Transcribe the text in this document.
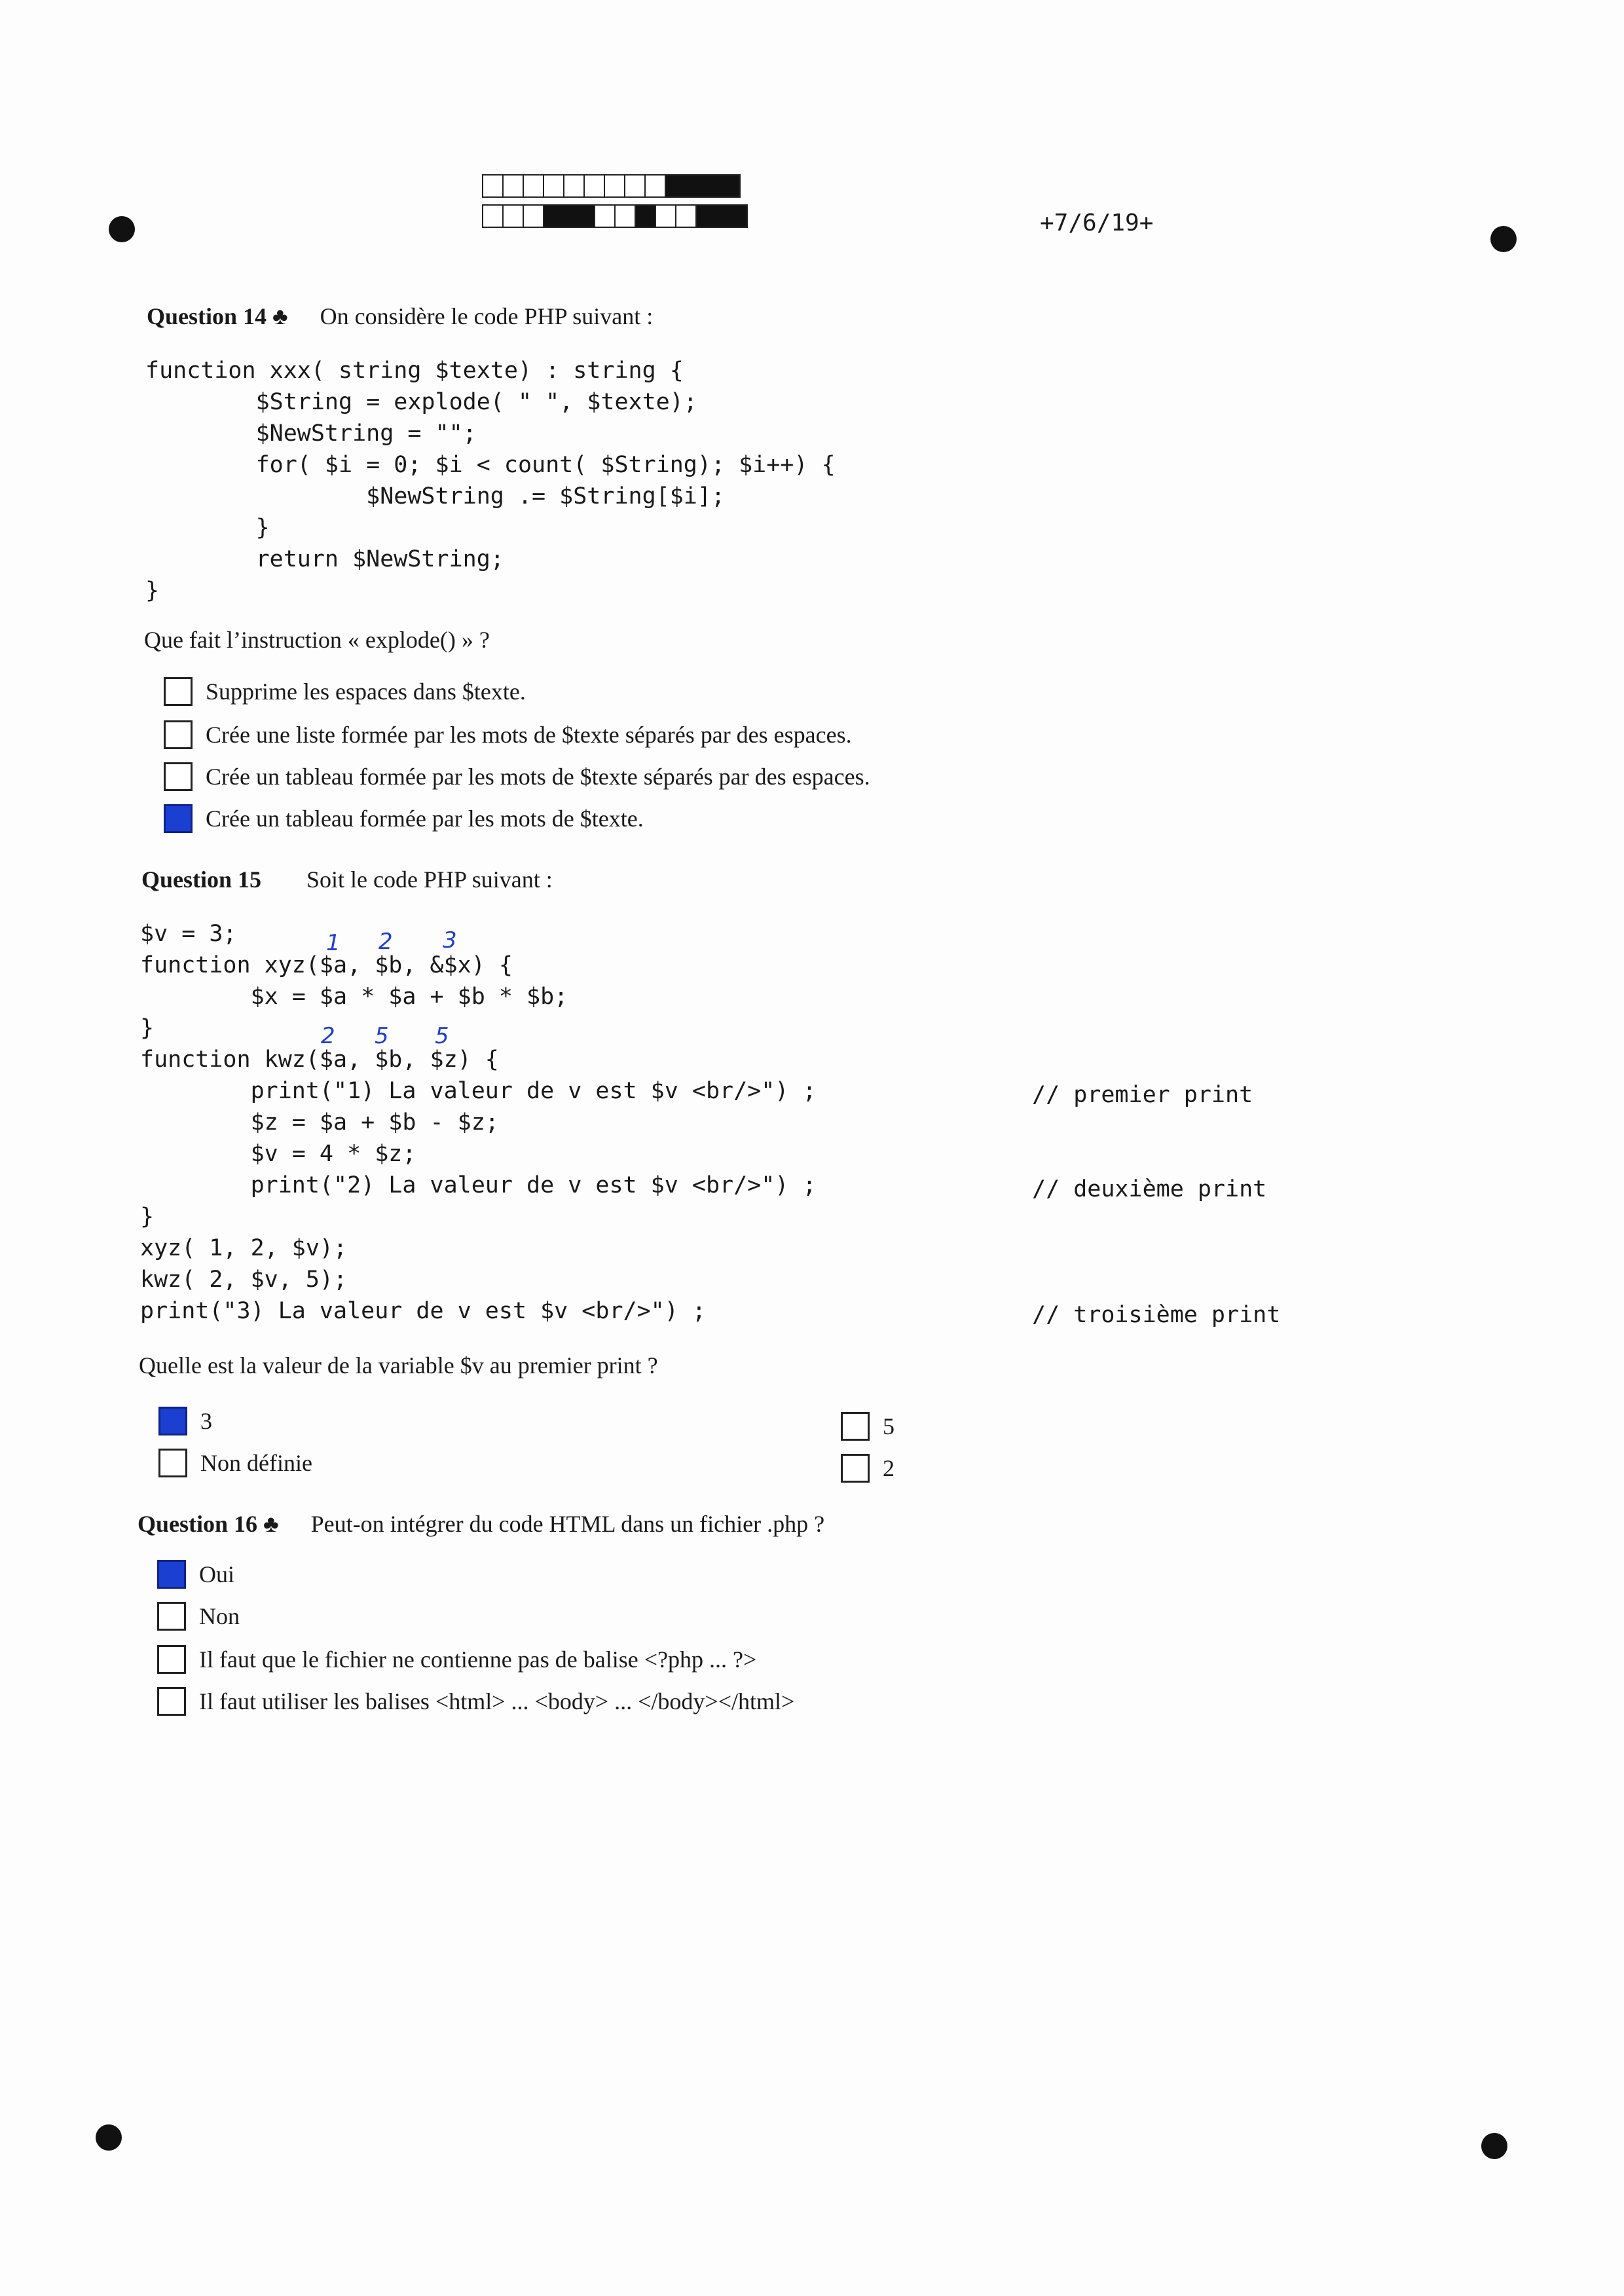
+7/6/19+
Question 14 ♣ On considère le code PHP suivant :
function xxx( string $texte) : string {
$String = explode( " ", $texte);
$NewString = "";
for( $i = 0; $i < count( $String); $i++) {
$NewString .= $String[$i];
}
return $NewString;
}
Que fait l’instruction « explode() » ?
Supprime les espaces dans $texte.
Crée une liste formée par les mots de $texte séparés par des espaces.
Crée un tableau formée par les mots de $texte séparés par des espaces.
Crée un tableau formée par les mots de $texte.
Question 15 Soit le code PHP suivant :
1 2 3
2 5 5
$v = 3;
function xyz($a, $b, &$x) {
$x = $a * $a + $b * $b;
}
function kwz($a, $b, $z) {
print("1) La valeur de v est $v <br/>") ;
$z = $a + $b - $z;
$v = 4 * $z;
print("2) La valeur de v est $v <br/>") ;
}
xyz( 1, 2, $v);
kwz( 2, $v, 5);
print("3) La valeur de v est $v <br/>") ;
// premier print
// deuxième print
// troisième print
Quelle est la valeur de la variable $v au premier print ?
3	5
Non définie	2
Question 16 ♣ Peut-on intégrer du code HTML dans un fichier .php ?
Oui
Non
Il faut que le fichier ne contienne pas de balise <?php ... ?>
Il faut utiliser les balises <html> ... <body> ... </body></html>
